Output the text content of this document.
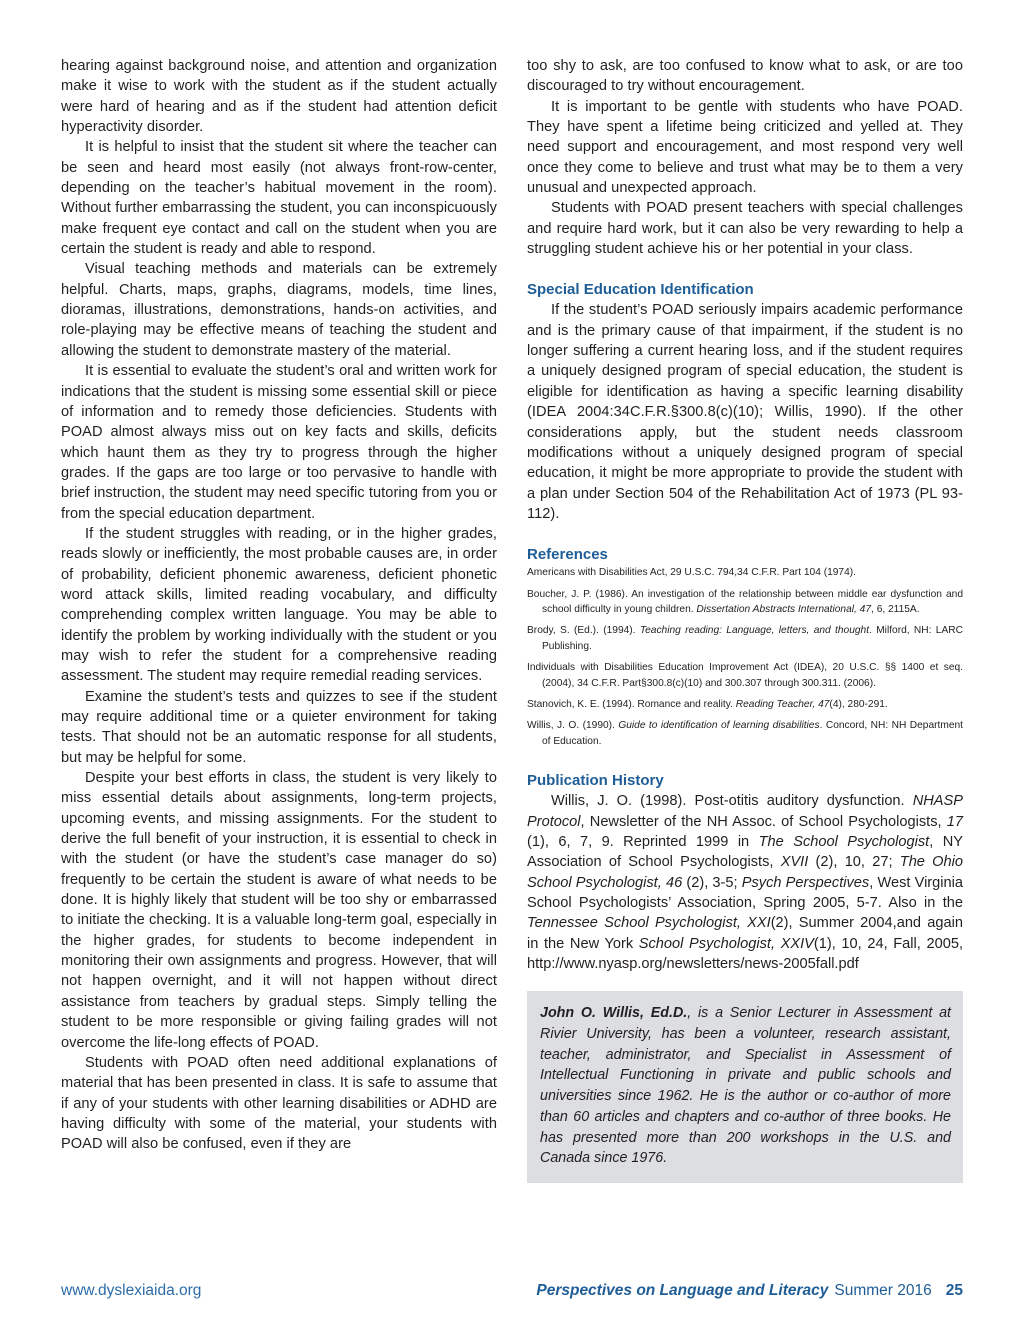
hearing against background noise, and attention and organization make it wise to work with the student as if the student actually were hard of hearing and as if the student had attention deficit hyperactivity disorder.

It is helpful to insist that the student sit where the teacher can be seen and heard most easily (not always front-row-center, depending on the teacher’s habitual movement in the room). Without further embarrassing the student, you can inconspicuously make frequent eye contact and call on the student when you are certain the student is ready and able to respond.

Visual teaching methods and materials can be extremely helpful. Charts, maps, graphs, diagrams, models, time lines, dioramas, illustrations, demonstrations, hands-on activities, and role-playing may be effective means of teaching the student and allowing the student to demonstrate mastery of the material.

It is essential to evaluate the student’s oral and written work for indications that the student is missing some essential skill or piece of information and to remedy those deficiencies. Students with POAD almost always miss out on key facts and skills, deficits which haunt them as they try to progress through the higher grades. If the gaps are too large or too pervasive to handle with brief instruction, the student may need specific tutoring from you or from the special education department.

If the student struggles with reading, or in the higher grades, reads slowly or inefficiently, the most probable causes are, in order of probability, deficient phonemic awareness, deficient phonetic word attack skills, limited reading vocabulary, and difficulty comprehending complex written language. You may be able to identify the problem by working individually with the student or you may wish to refer the student for a comprehensive reading assessment. The student may require remedial reading services.

Examine the student’s tests and quizzes to see if the student may require additional time or a quieter environment for taking tests. That should not be an automatic response for all students, but may be helpful for some.

Despite your best efforts in class, the student is very likely to miss essential details about assignments, long-term projects, upcoming events, and missing assignments. For the student to derive the full benefit of your instruction, it is essential to check in with the student (or have the student’s case manager do so) frequently to be certain the student is aware of what needs to be done. It is highly likely that student will be too shy or embarrassed to initiate the checking. It is a valuable long-term goal, especially in the higher grades, for students to become independent in monitoring their own assignments and progress. However, that will not happen overnight, and it will not happen without direct assistance from teachers by gradual steps. Simply telling the student to be more responsible or giving failing grades will not overcome the life-long effects of POAD.

Students with POAD often need additional explanations of material that has been presented in class. It is safe to assume that if any of your students with other learning disabilities or ADHD are having difficulty with some of the material, your students with POAD will also be confused, even if they are

too shy to ask, are too confused to know what to ask, or are too discouraged to try without encouragement.

It is important to be gentle with students who have POAD. They have spent a lifetime being criticized and yelled at. They need support and encouragement, and most respond very well once they come to believe and trust what may be to them a very unusual and unexpected approach.

Students with POAD present teachers with special challenges and require hard work, but it can also be very rewarding to help a struggling student achieve his or her potential in your class.

Special Education Identification

If the student’s POAD seriously impairs academic performance and is the primary cause of that impairment, if the student is no longer suffering a current hearing loss, and if the student requires a uniquely designed program of special education, the student is eligible for identification as having a specific learning disability (IDEA 2004:34C.F.R.§300.8(c)(10); Willis, 1990). If the other considerations apply, but the student needs classroom modifications without a uniquely designed program of special education, it might be more appropriate to provide the student with a plan under Section 504 of the Rehabilitation Act of 1973 (PL 93-112).

References

Americans with Disabilities Act, 29 U.S.C. 794,34 C.F.R. Part 104 (1974).

Boucher, J. P. (1986). An investigation of the relationship between middle ear dysfunction and school difficulty in young children. Dissertation Abstracts International, 47, 6, 2115A.

Brody, S. (Ed.). (1994). Teaching reading: Language, letters, and thought. Milford, NH: LARC Publishing.

Individuals with Disabilities Education Improvement Act (IDEA), 20 U.S.C. §§ 1400 et seq. (2004), 34 C.F.R. Part§300.8(c)(10) and 300.307 through 300.311. (2006).

Stanovich, K. E. (1994). Romance and reality. Reading Teacher, 47(4), 280-291.

Willis, J. O. (1990). Guide to identification of learning disabilities. Concord, NH: NH Department of Education.

Publication History

Willis, J. O. (1998). Post-otitis auditory dysfunction. NHASP Protocol, Newsletter of the NH Assoc. of School Psychologists, 17 (1), 6, 7, 9. Reprinted 1999 in The School Psychologist, NY Association of School Psychologists, XVII (2), 10, 27; The Ohio School Psychologist, 46 (2), 3-5; Psych Perspectives, West Virginia School Psychologists’ Association, Spring 2005, 5-7. Also in the Tennessee School Psychologist, XXI(2), Summer 2004,and again in the New York School Psychologist, XXIV(1), 10, 24, Fall, 2005, http://www.nyasp.org/newsletters/news-2005fall.pdf

John O. Willis, Ed.D., is a Senior Lecturer in Assessment at Rivier University, has been a volunteer, research assistant, teacher, administrator, and Specialist in Assessment of Intellectual Functioning in private and public schools and universities since 1962. He is the author or co-author of more than 60 articles and chapters and co-author of three books. He has presented more than 200 workshops in the U.S. and Canada since 1976.
www.dyslexiaida.org	Perspectives on Language and Literacy Summer 2016 25
